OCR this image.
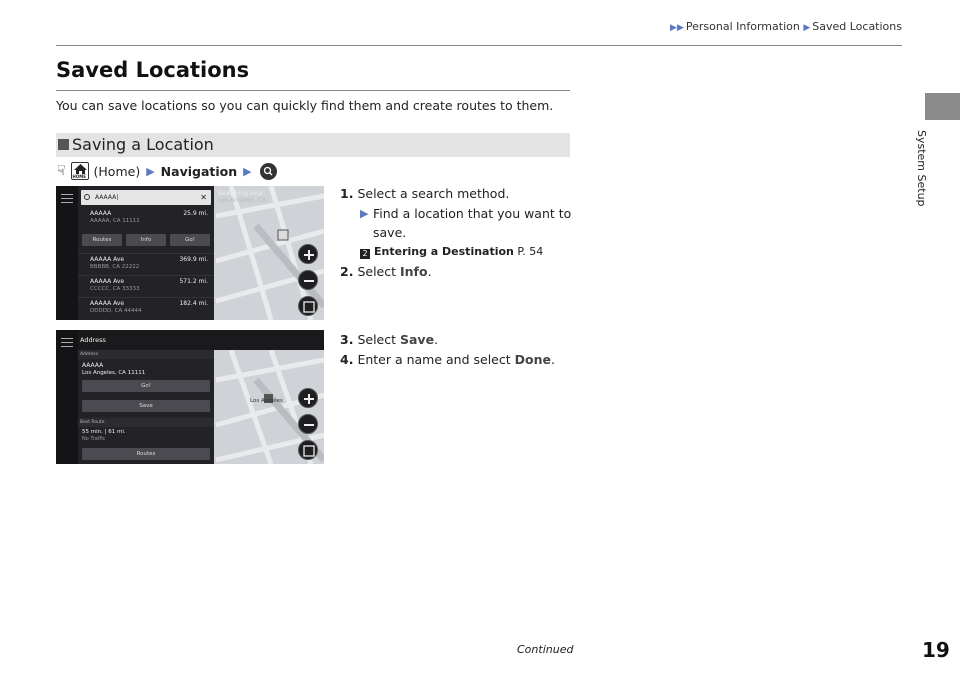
▶▶ Personal Information ▶ Saved Locations
System Setup
Saved Locations
You can save locations so you can quickly find them and create routes to them.
Saving a Location
☟ HOME (Home) ▶ Navigation ▶
AAAAA|	✕
AAAAA
AAAAA, CA 11111
25.9 mi.
Routes	Info	Go!
AAAAA Ave
BBBBB, CA 22222
369.9 mi.
AAAAA Ave
CCCCC, CA 33333
571.2 mi.
AAAAA Ave
DDDDD, CA 44444
182.4 mi.
Searching near:
Los Angeles, CA
Address
AAAAA
Los Angeles, CA 11111
Go!
Save
55 min. | 61 mi.
No Traffic
Routes
Address
Best Route
Los Angeles
1. Select a search method.
▶ Find a location that you want to save.
2 Entering a Destination P. 54
2. Select Info.
3. Select Save.
4. Enter a name and select Done.
Continued	19
